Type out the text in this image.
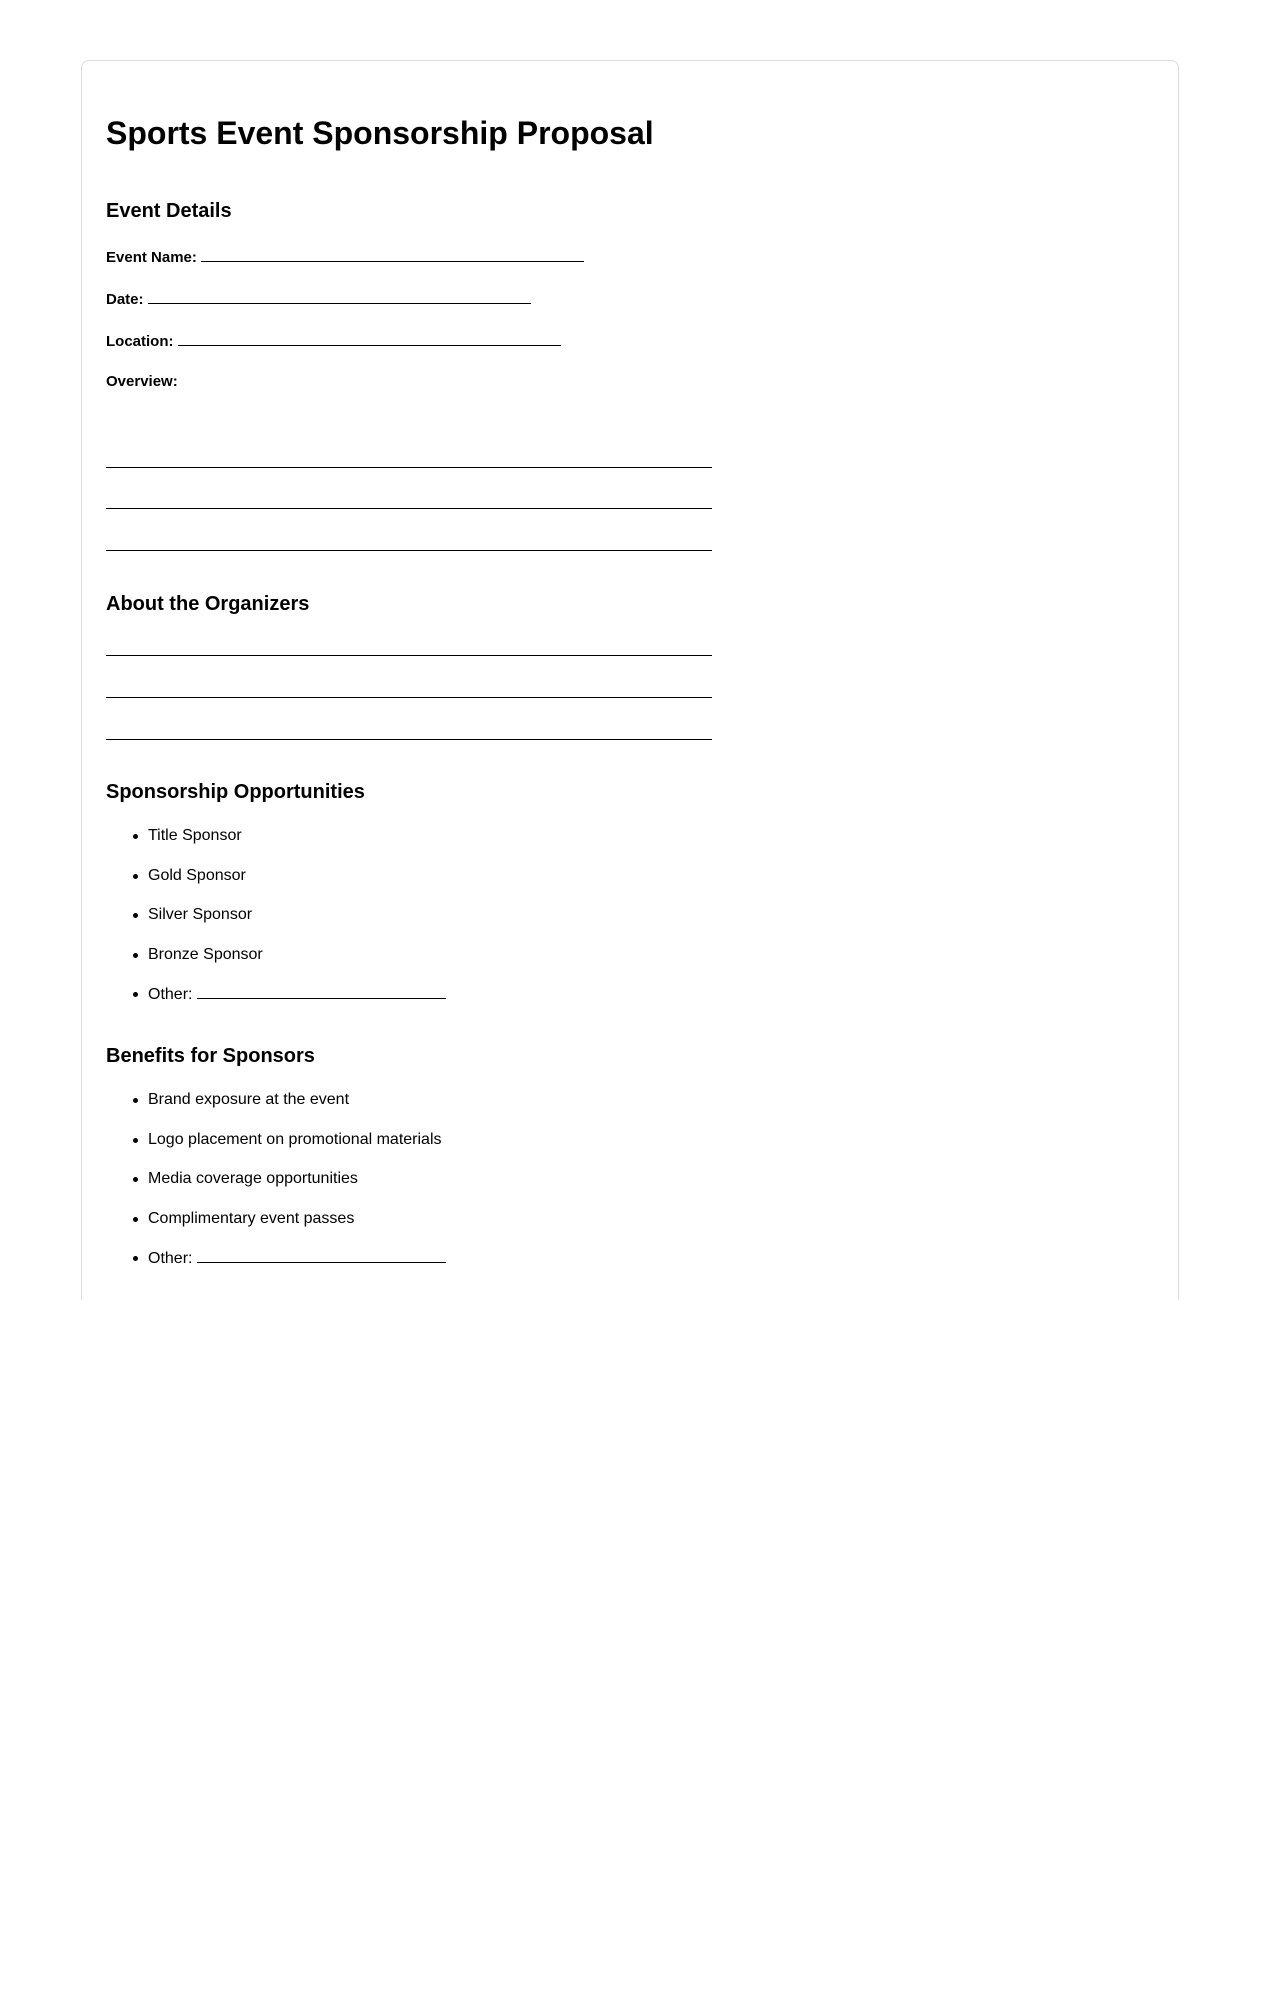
Sports Event Sponsorship Proposal
Event Details
Event Name:
Date:
Location:
Overview:
About the Organizers
Sponsorship Opportunities
Title Sponsor
Gold Sponsor
Silver Sponsor
Bronze Sponsor
Other:
Benefits for Sponsors
Brand exposure at the event
Logo placement on promotional materials
Media coverage opportunities
Complimentary event passes
Other:
